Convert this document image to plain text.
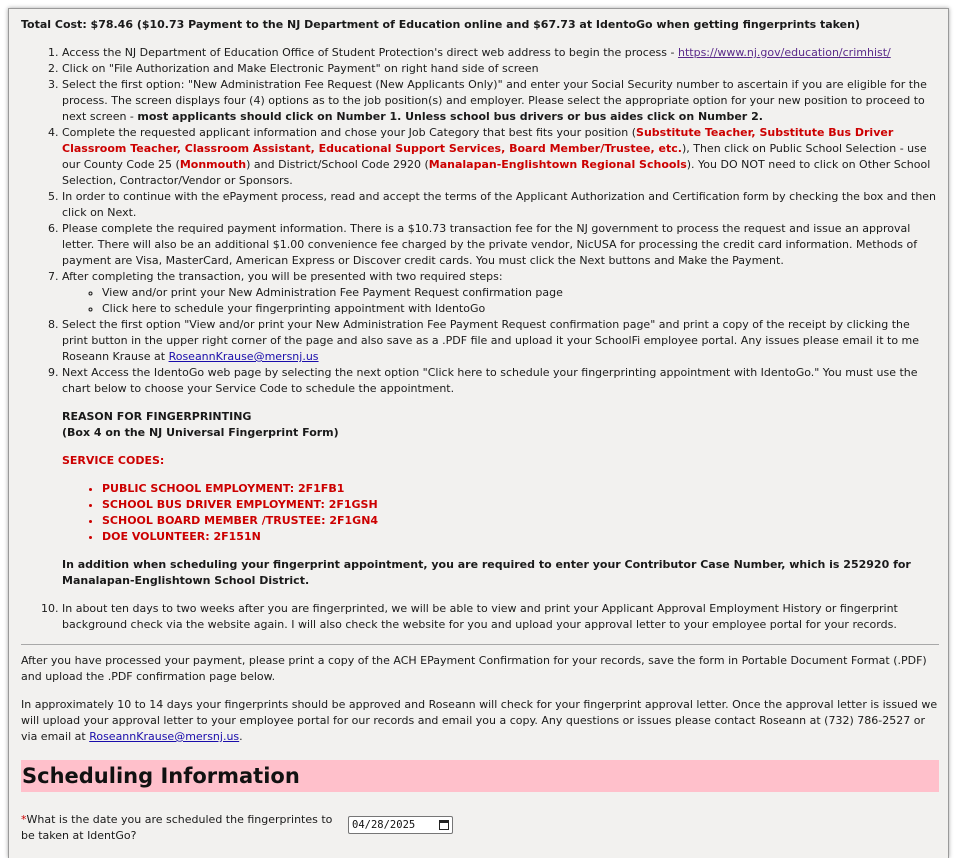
Total Cost: $78.46 ($10.73 Payment to the NJ Department of Education online and $67.73 at IdentoGo when getting fingerprints taken)
1. Access the NJ Department of Education Office of Student Protection's direct web address to begin the process - https://www.nj.gov/education/crimhist/
2. Click on "File Authorization and Make Electronic Payment" on right hand side of screen
3. Select the first option: "New Administration Fee Request (New Applicants Only)" and enter your Social Security number to ascertain if you are eligible for the process. The screen displays four (4) options as to the job position(s) and employer. Please select the appropriate option for your new position to proceed to next screen - most applicants should click on Number 1. Unless school bus drivers or bus aides click on Number 2.
4. Complete the requested applicant information and chose your Job Category that best fits your position (Substitute Teacher, Substitute Bus Driver Classroom Teacher, Classroom Assistant, Educational Support Services, Board Member/Trustee, etc.), Then click on Public School Selection - use our County Code 25 (Monmouth) and District/School Code 2920 (Manalapan-Englishtown Regional Schools). You DO NOT need to click on Other School Selection, Contractor/Vendor or Sponsors.
5. In order to continue with the ePayment process, read and accept the terms of the Applicant Authorization and Certification form by checking the box and then click on Next.
6. Please complete the required payment information. There is a $10.73 transaction fee for the NJ government to process the request and issue an approval letter. There will also be an additional $1.00 convenience fee charged by the private vendor, NicUSA for processing the credit card information. Methods of payment are Visa, MasterCard, American Express or Discover credit cards. You must click the Next buttons and Make the Payment.
7. After completing the transaction, you will be presented with two required steps:
◦ View and/or print your New Administration Fee Payment Request confirmation page
◦ Click here to schedule your fingerprinting appointment with IdentoGo
8. Select the first option "View and/or print your New Administration Fee Payment Request confirmation page" and print a copy of the receipt by clicking the print button in the upper right corner of the page and also save as a .PDF file and upload it your SchoolFi employee portal. Any issues please email it to me Roseann Krause at RoseannKrause@mersnj.us
9. Next Access the IdentoGo web page by selecting the next option "Click here to schedule your fingerprinting appointment with IdentoGo." You must use the chart below to choose your Service Code to schedule the appointment.
REASON FOR FINGERPRINTING
(Box 4 on the NJ Universal Fingerprint Form)
SERVICE CODES:
• PUBLIC SCHOOL EMPLOYMENT: 2F1FB1
• SCHOOL BUS DRIVER EMPLOYMENT: 2F1GSH
• SCHOOL BOARD MEMBER /TRUSTEE: 2F1GN4
• DOE VOLUNTEER: 2F151N
In addition when scheduling your fingerprint appointment, you are required to enter your Contributor Case Number, which is 252920 for Manalapan-Englishtown School District.
10. In about ten days to two weeks after you are fingerprinted, we will be able to view and print your Applicant Approval Employment History or fingerprint background check via the website again. I will also check the website for you and upload your approval letter to your employee portal for your records.

After you have processed your payment, please print a copy of the ACH EPayment Confirmation for your records, save the form in Portable Document Format (.PDF) and upload the .PDF confirmation page below.

In approximately 10 to 14 days your fingerprints should be approved and Roseann will check for your fingerprint approval letter. Once the approval letter is issued we will upload your approval letter to your employee portal for our records and email you a copy. Any questions or issues please contact Roseann at (732) 786-2527 or via email at RoseannKrause@mersnj.us.

Scheduling Information
*What is the date you are scheduled the fingerprintes to be taken at IdentGo?
04/28/2025
